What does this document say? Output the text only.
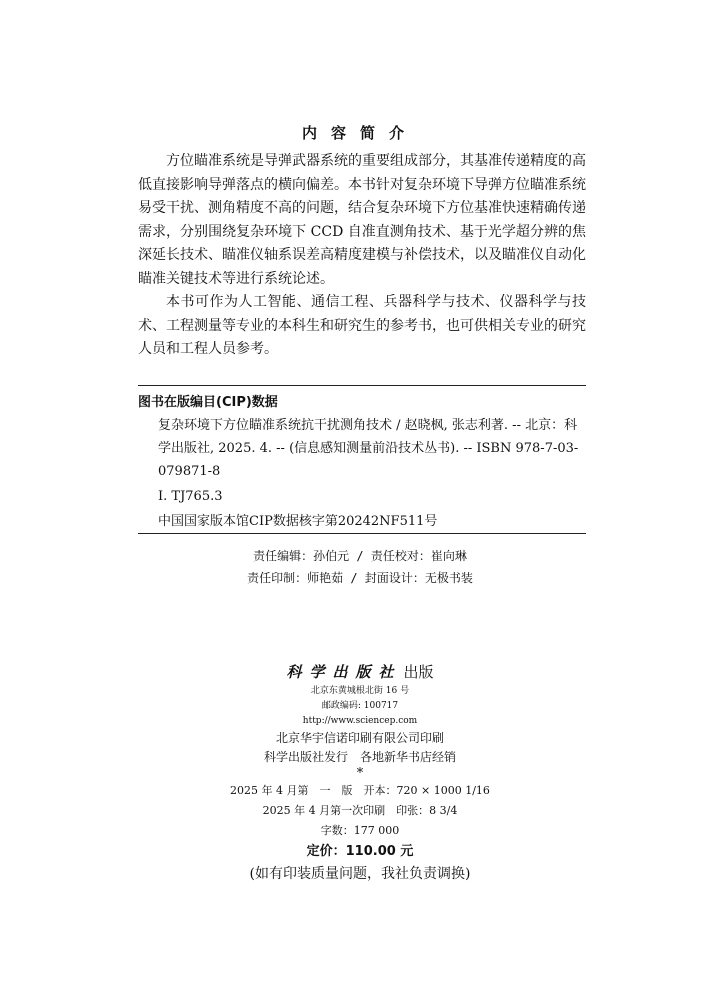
内容简介

方位瞄准系统是导弹武器系统的重要组成部分，其基准传递精度的高低直接影响导弹落点的横向偏差。本书针对复杂环境下导弹方位瞄准系统易受干扰、测角精度不高的问题，结合复杂环境下方位基准快速精确传递需求，分别围绕复杂环境下 CCD 自准直测角技术、基于光学超分辨的焦深延长技术、瞄准仪轴系误差高精度建模与补偿技术，以及瞄准仪自动化瞄准关键技术等进行系统论述。

本书可作为人工智能、通信工程、兵器科学与技术、仪器科学与技术、工程测量等专业的本科生和研究生的参考书，也可供相关专业的研究人员和工程人员参考。

图书在版编目(CIP)数据
复杂环境下方位瞄准系统抗干扰测角技术 / 赵晓枫, 张志利著. -- 北京：科学出版社, 2025. 4. -- (信息感知测量前沿技术丛书). -- ISBN 978-7-03-079871-8
Ⅰ. TJ765.3
中国国家版本馆CIP数据核字第20242NF511号
责任编辑：孙伯元 / 责任校对：崔向琳
责任印制：师艳茹 / 封面设计：无极书装
科学出版社 出版
北京东黄城根北街 16 号
邮政编码: 100717
http://www.sciencep.com
北京华宇信诺印刷有限公司印刷
科学出版社发行　各地新华书店经销
*
2025 年 4 月第　一　版　开本：720 × 1000 1/16
2025 年 4 月第一次印刷　印张：8 3/4
字数：177 000
定价：110.00 元
(如有印装质量问题，我社负责调换)
